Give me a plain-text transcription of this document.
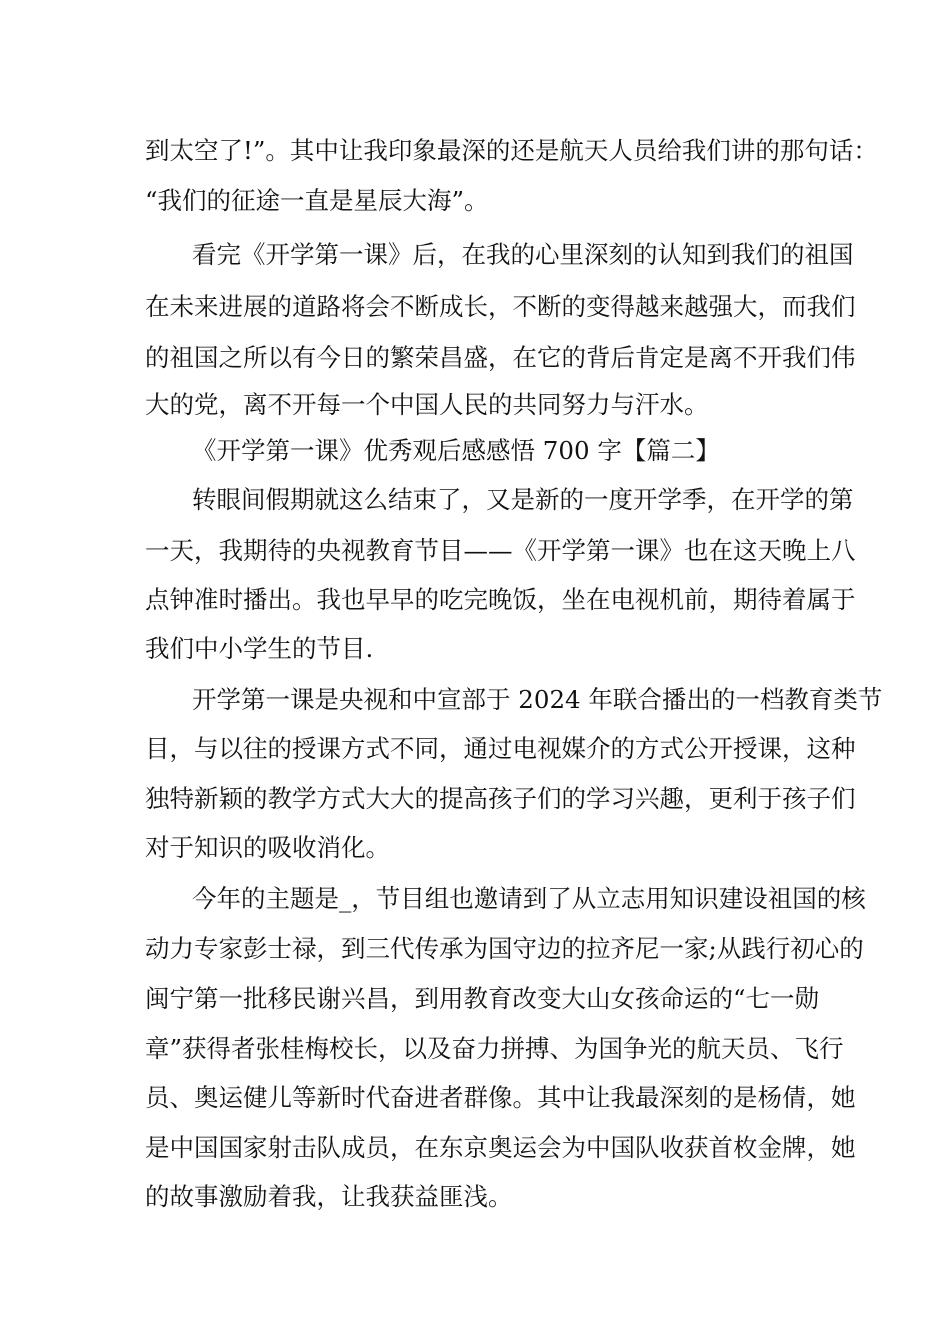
到太空了!”。其中让我印象最深的还是航天人员给我们讲的那句话：
“我们的征途一直是星辰大海”。
看完《开学第一课》后，在我的心里深刻的认知到我们的祖国
在未来进展的道路将会不断成长，不断的变得越来越强大，而我们
的祖国之所以有今日的繁荣昌盛，在它的背后肯定是离不开我们伟
大的党，离不开每一个中国人民的共同努力与汗水。
《开学第一课》优秀观后感感悟 700 字【篇二】
转眼间假期就这么结束了，又是新的一度开学季，在开学的第
一天，我期待的央视教育节目——《开学第一课》也在这天晚上八
点钟准时播出。我也早早的吃完晚饭，坐在电视机前，期待着属于
我们中小学生的节目.
开学第一课是央视和中宣部于 2024 年联合播出的一档教育类节
目，与以往的授课方式不同，通过电视媒介的方式公开授课，这种
独特新颖的教学方式大大的提高孩子们的学习兴趣，更利于孩子们
对于知识的吸收消化。
今年的主题是_，节目组也邀请到了从立志用知识建设祖国的核
动力专家彭士禄，到三代传承为国守边的拉齐尼一家;从践行初心的
闽宁第一批移民谢兴昌，到用教育改变大山女孩命运的“七一勋
章”获得者张桂梅校长，以及奋力拼搏、为国争光的航天员、飞行
员、奥运健儿等新时代奋进者群像。其中让我最深刻的是杨倩，她
是中国国家射击队成员，在东京奥运会为中国队收获首枚金牌，她
的故事激励着我，让我获益匪浅。
